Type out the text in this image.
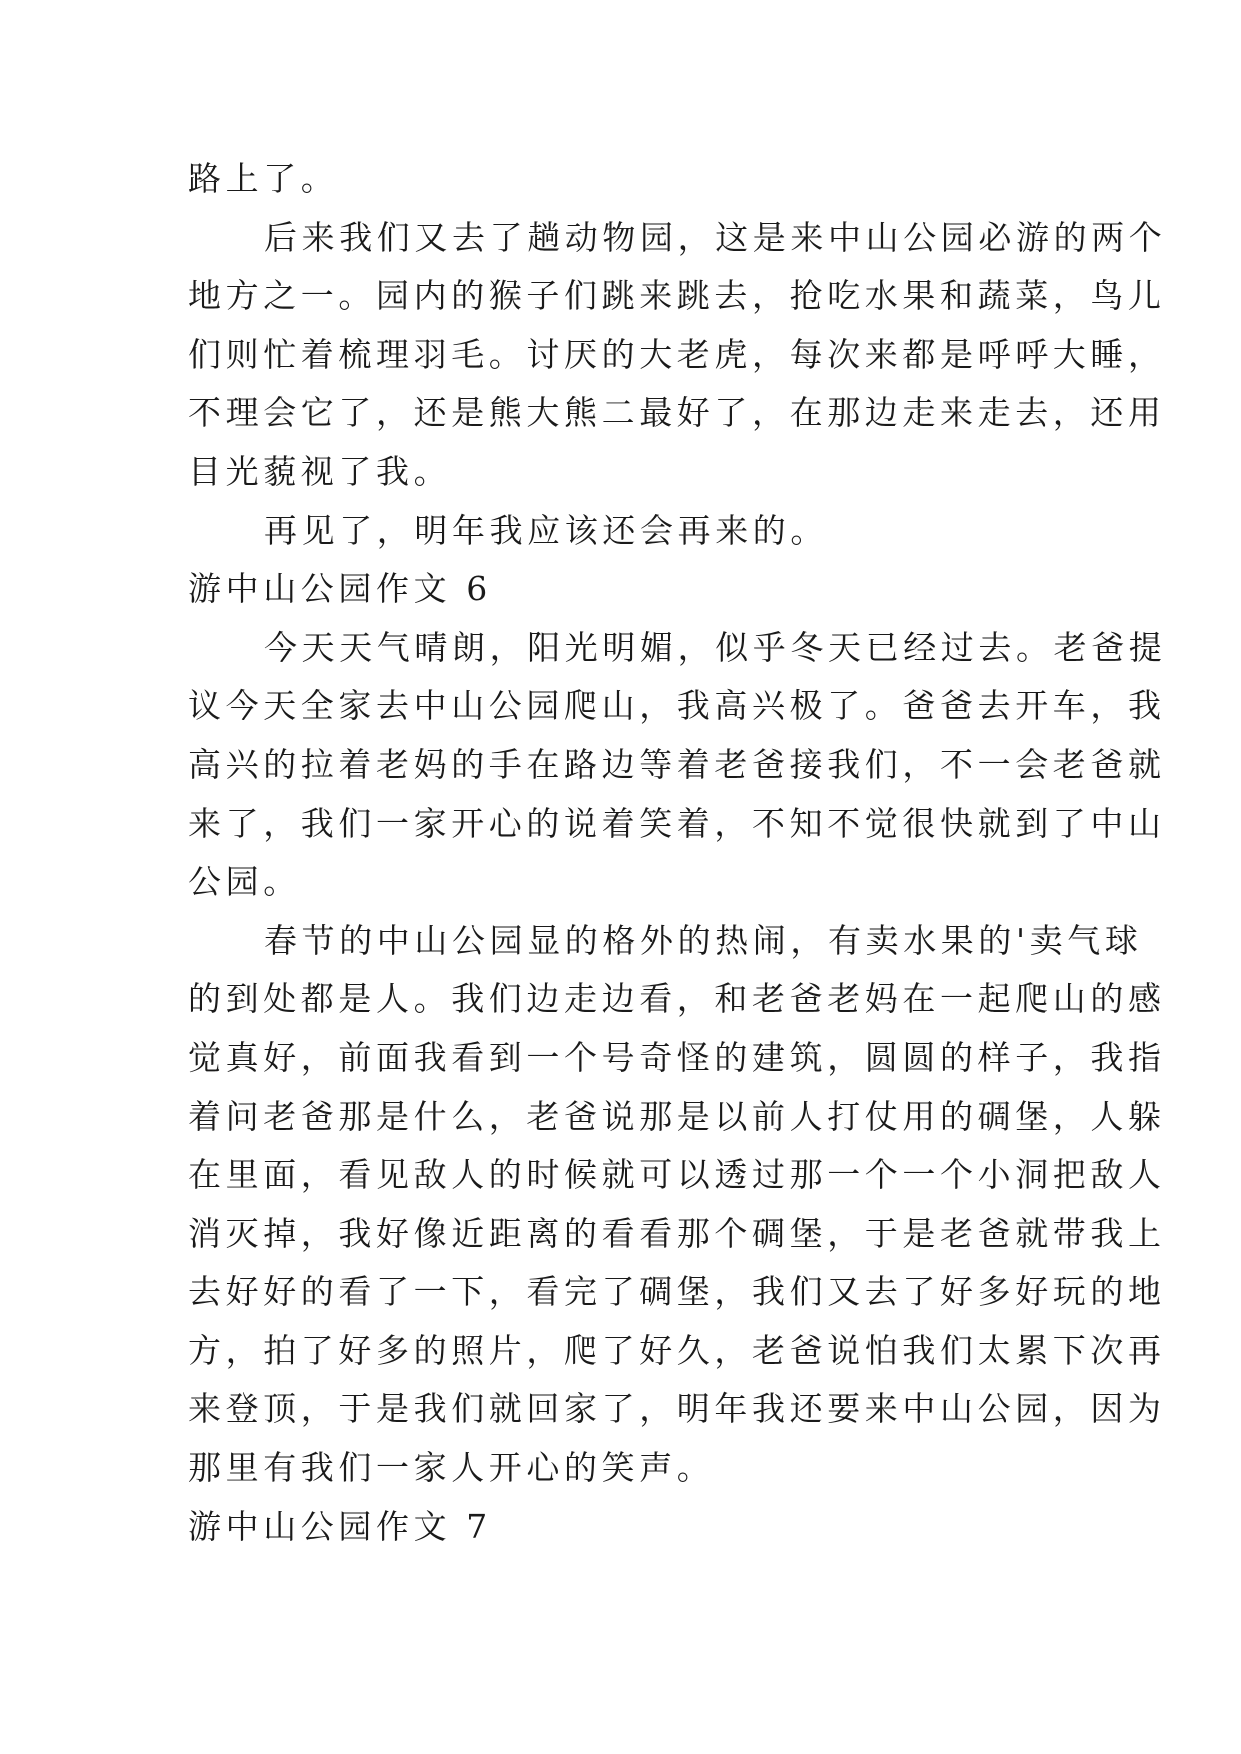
路上了。
后来我们又去了趟动物园，这是来中山公园必游的两个
地方之一。园内的猴子们跳来跳去，抢吃水果和蔬菜，鸟儿
们则忙着梳理羽毛。讨厌的大老虎，每次来都是呼呼大睡，
不理会它了，还是熊大熊二最好了，在那边走来走去，还用
目光藐视了我。
再见了，明年我应该还会再来的。
游中山公园作文 6
今天天气晴朗，阳光明媚，似乎冬天已经过去。老爸提
议今天全家去中山公园爬山，我高兴极了。爸爸去开车，我
高兴的拉着老妈的手在路边等着老爸接我们，不一会老爸就
来了，我们一家开心的说着笑着，不知不觉很快就到了中山
公园。
春节的中山公园显的格外的热闹，有卖水果的'卖气球
的到处都是人。我们边走边看，和老爸老妈在一起爬山的感
觉真好，前面我看到一个号奇怪的建筑，圆圆的样子，我指
着问老爸那是什么，老爸说那是以前人打仗用的碉堡，人躲
在里面，看见敌人的时候就可以透过那一个一个小洞把敌人
消灭掉，我好像近距离的看看那个碉堡，于是老爸就带我上
去好好的看了一下，看完了碉堡，我们又去了好多好玩的地
方，拍了好多的照片，爬了好久，老爸说怕我们太累下次再
来登顶，于是我们就回家了，明年我还要来中山公园，因为
那里有我们一家人开心的笑声。
游中山公园作文 7
